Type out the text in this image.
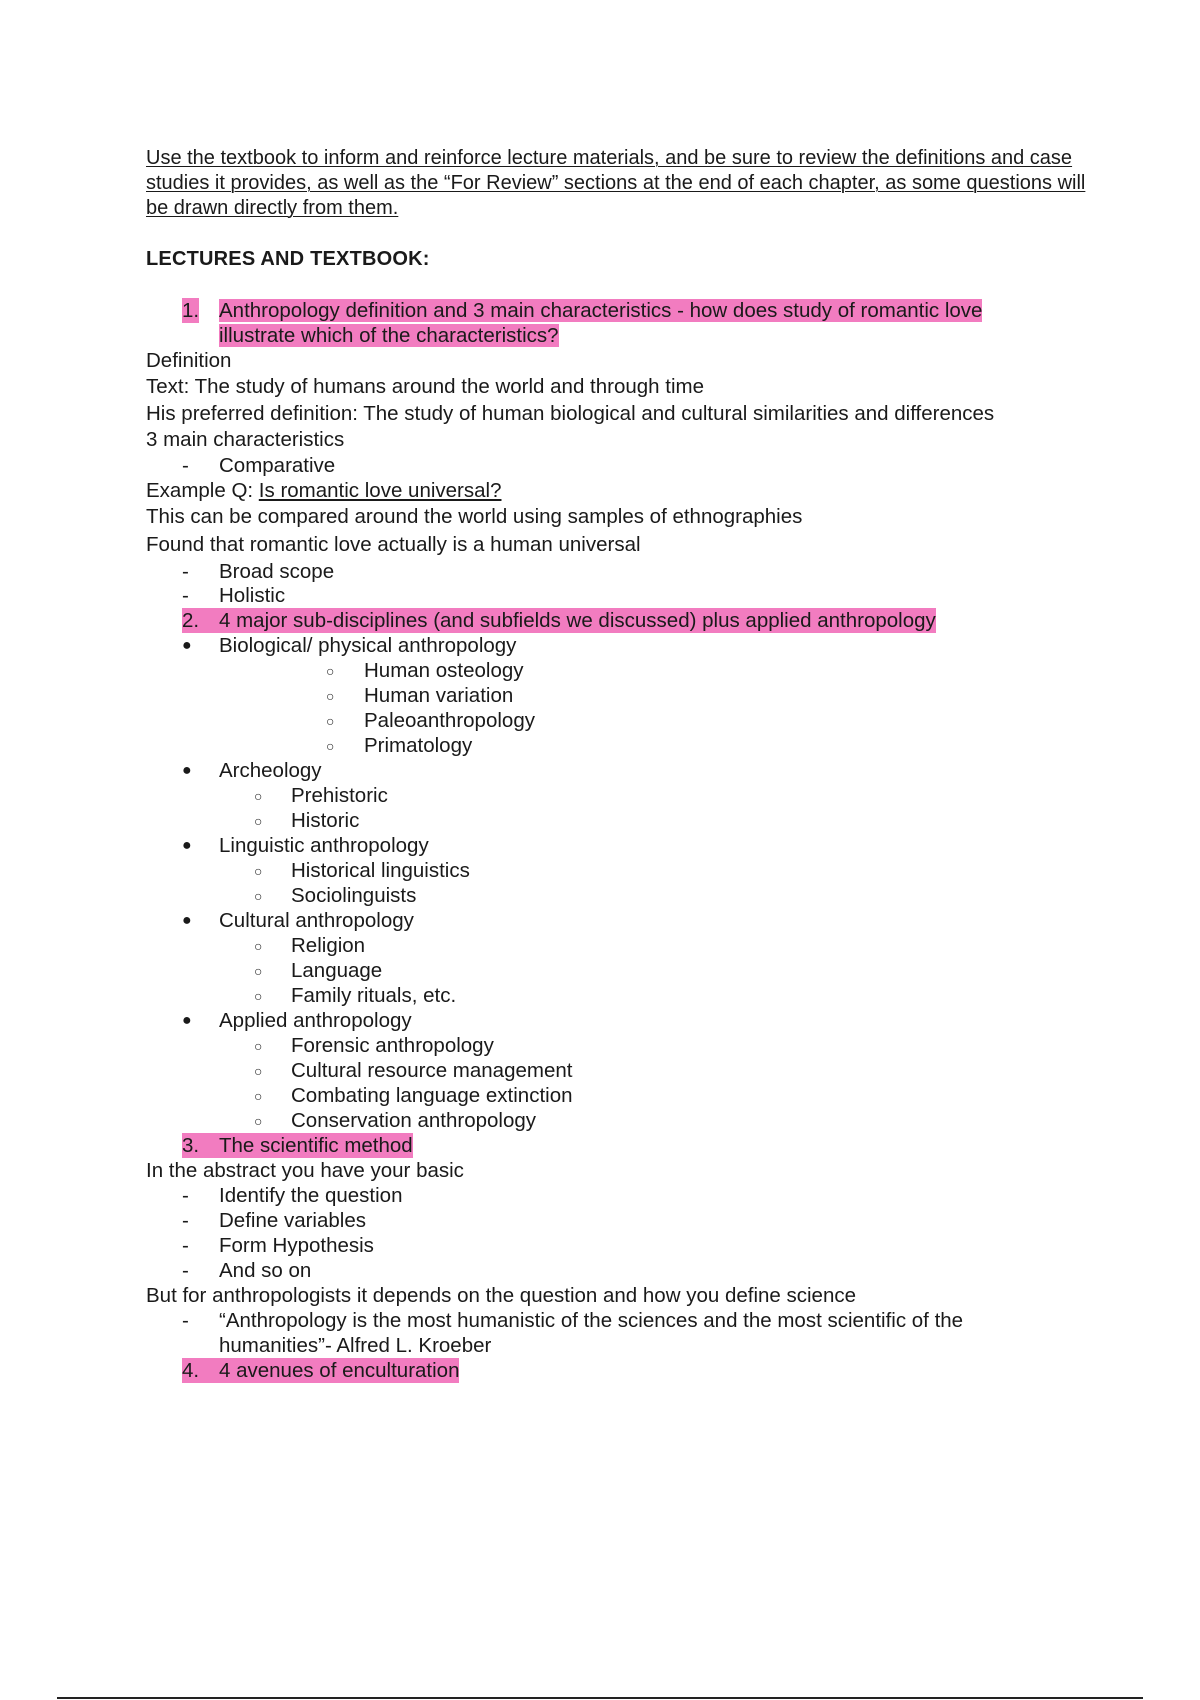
Use the textbook to inform and reinforce lecture materials, and be sure to review the definitions and case studies it provides, as well as the “For Review” sections at the end of each chapter, as some questions will be drawn directly from them.
LECTURES AND TEXTBOOK:
1. Anthropology definition and 3 main characteristics - how does study of romantic love
illustrate which of the characteristics?
Definition
Text: The study of humans around the world and through time
His preferred definition: The study of human biological and cultural similarities and differences
3 main characteristics
- Comparative
Example Q: Is romantic love universal?
This can be compared around the world using samples of ethnographies
Found that romantic love actually is a human universal
- Broad scope
- Holistic
2. 4 major sub-disciplines (and subfields we discussed) plus applied anthropology
● Biological/ physical anthropology
○ Human osteology
○ Human variation
○ Paleoanthropology
○ Primatology
● Archeology
○ Prehistoric
○ Historic
● Linguistic anthropology
○ Historical linguistics
○ Sociolinguists
● Cultural anthropology
○ Religion
○ Language
○ Family rituals, etc.
● Applied anthropology
○ Forensic anthropology
○ Cultural resource management
○ Combating language extinction
○ Conservation anthropology
3. The scientific method
In the abstract you have your basic
- Identify the question
- Define variables
- Form Hypothesis
- And so on
But for anthropologists it depends on the question and how you define science
- “Anthropology is the most humanistic of the sciences and the most scientific of the
humanities”- Alfred L. Kroeber
4. 4 avenues of enculturation
